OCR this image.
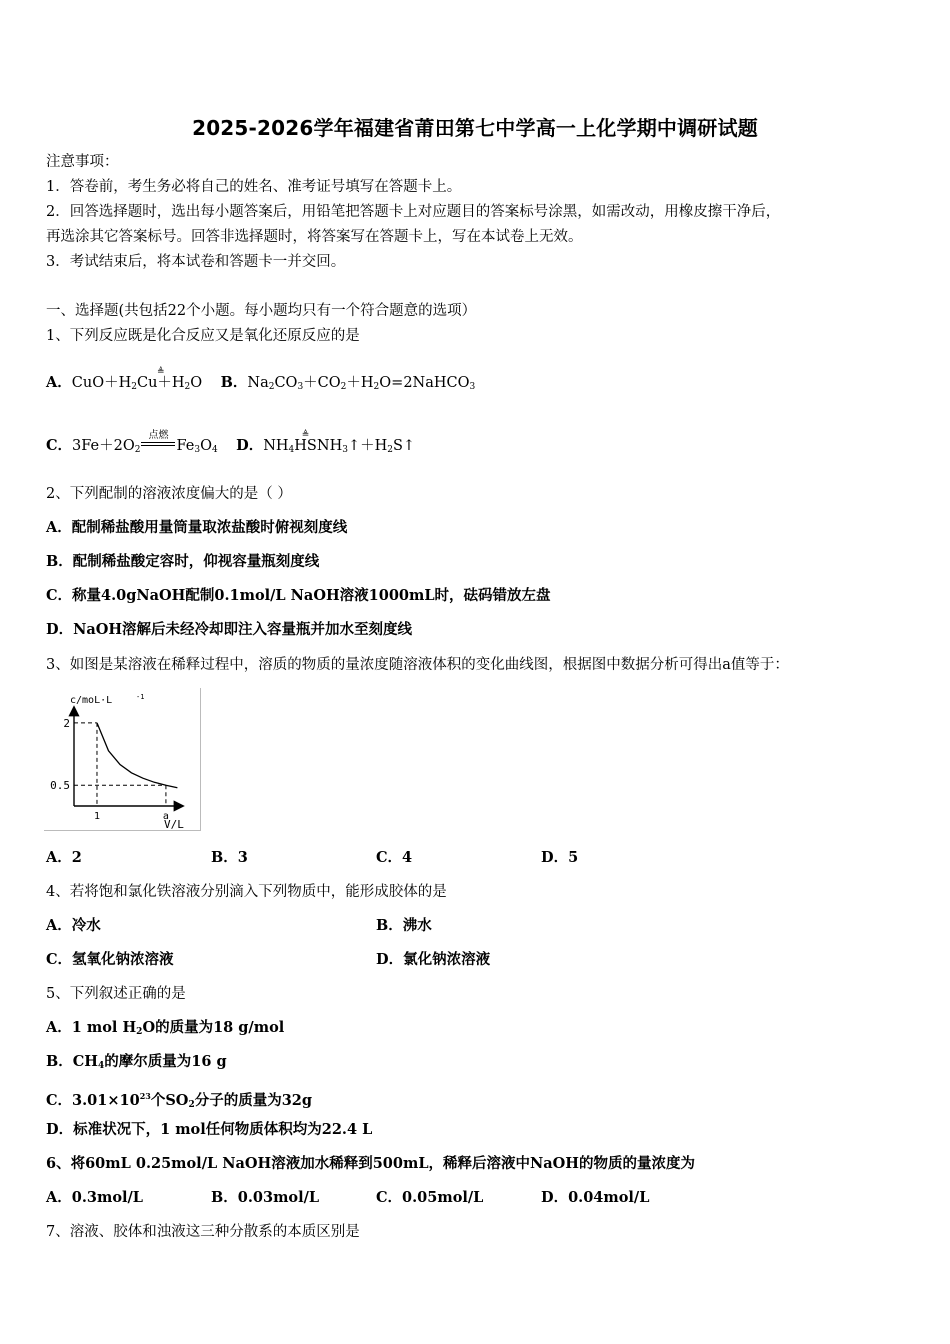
2025-2026学年福建省莆田第七中学高一上化学期中调研试题
注意事项：
1．答卷前，考生务必将自己的姓名、准考证号填写在答题卡上。
2．回答选择题时，选出每小题答案后，用铅笔把答题卡上对应题目的答案标号涂黑，如需改动，用橡皮擦干净后，
再选涂其它答案标号。回答非选择题时，将答案写在答题卡上，写在本试卷上无效。
3．考试结束后，将本试卷和答题卡一并交回。
一、选择题(共包括22个小题。每小题均只有一个符合题意的选项）
1、下列反应既是化合反应又是氧化还原反应的是
A．$CuO+H_2$
≜
$Cu+H_2O$ B．$Na_2CO_3+CO_2+H_2O=2NaHCO_3$
C．$3Fe+2O_2$
点燃
$Fe_3O_4$ D．$NH_4$
≜
$HSNH_3↑+H_2S↑$
2、下列配制的溶液浓度偏大的是（ ）
A．配制稀盐酸用量筒量取浓盐酸时俯视刻度线
B．配制稀盐酸定容时，仰视容量瓶刻度线
C．称量4.0gNaOH配制0.1mol/L NaOH溶液1000mL时，砝码错放左盘
D．NaOH溶解后未经冷却即注入容量瓶并加水至刻度线
3、如图是某溶液在稀释过程中，溶质的物质的量浓度随溶液体积的变化曲线图，根据图中数据分析可得出a值等于：
c/moL·L	-1
V/L
2
1
0.5
a
A．2	B．3	C．4	D．5
4、若将饱和氯化铁溶液分别滴入下列物质中，能形成胶体的是
A．冷水	B．沸水
C．氢氧化钠浓溶液	D．氯化钠浓溶液
5、下列叙述正确的是
A．1 mol $H_2O$的质量为18 g/mol
B．$CH_4$的摩尔质量为16 g
C．$3.01\times 10^{23}$个$SO_2$分子的质量为32g
D．标准状况下，1 mol任何物质体积均为22.4 L
6、将60mL 0.25mol/L NaOH溶液加水稀释到500mL，稀释后溶液中NaOH的物质的量浓度为
A．0.3mol/L	B．0.03mol/L	C．0.05mol/L	D．0.04mol/L
7、溶液、胶体和浊液这三种分散系的本质区别是
